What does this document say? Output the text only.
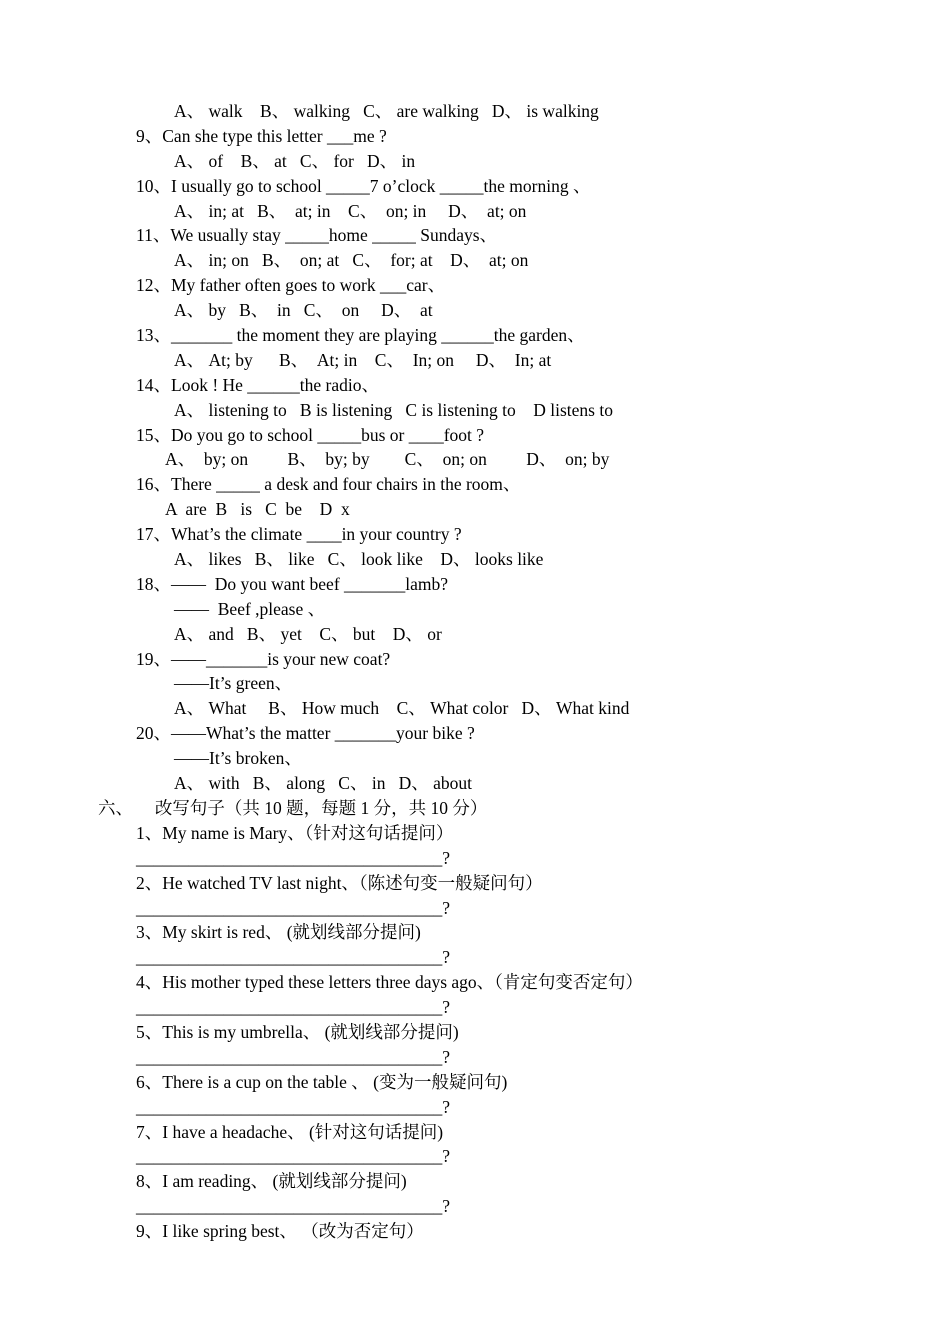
A、 walk    B、 walking   C、 are walking   D、 is walking
9、Can she type this letter ___me ?
A、 of    B、 at   C、 for   D、 in
10、I usually go to school _____7 o’clock _____the morning 、
A、 in; at   B、  at; in    C、  on; in     D、  at; on
11、We usually stay _____home _____ Sundays、
A、 in; on   B、  on; at   C、  for; at    D、  at; on
12、My father often goes to work ___car、
A、 by   B、  in   C、  on     D、  at
13、_______ the moment they are playing ______the garden、
A、 At; by      B、  At; in    C、  In; on     D、  In; at
14、Look ! He ______the radio、
A、 listening to   B is listening   C is listening to    D listens to
15、Do you go to school _____bus or ____foot ?
A、  by; on         B、  by; by        C、  on; on         D、  on; by
16、There _____ a desk and four chairs in the room、
A  are  B   is   C  be    D  x
17、What’s the climate ____in your country ?
A、 likes   B、 like   C、 look like    D、 looks like
18、——  Do you want beef _______lamb?
——  Beef ,please 、
A、 and   B、 yet    C、 but    D、 or
19、——_______is your new coat?
——It’s green、
A、 What     B、 How much    C、 What color   D、 What kind
20、——What’s the matter _______your bike ?
——It’s broken、
A、 with   B、 along   C、 in   D、 about
六、     改写句子（共 10 题，每题 1 分，共 10 分）
1、My name is Mary、（针对这句话提问）
___________________________________?
2、He watched TV last night、（陈述句变一般疑问句）
___________________________________?
3、My skirt is red、 (就划线部分提问)
___________________________________?
4、His mother typed these letters three days ago、（肯定句变否定句）
___________________________________?
5、This is my umbrella、 (就划线部分提问)
___________________________________?
6、There is a cup on the table 、 (变为一般疑问句)
___________________________________?
7、I have a headache、 (针对这句话提问)
___________________________________?
8、I am reading、 (就划线部分提问)
___________________________________?
9、I like spring best、 （改为否定句）
